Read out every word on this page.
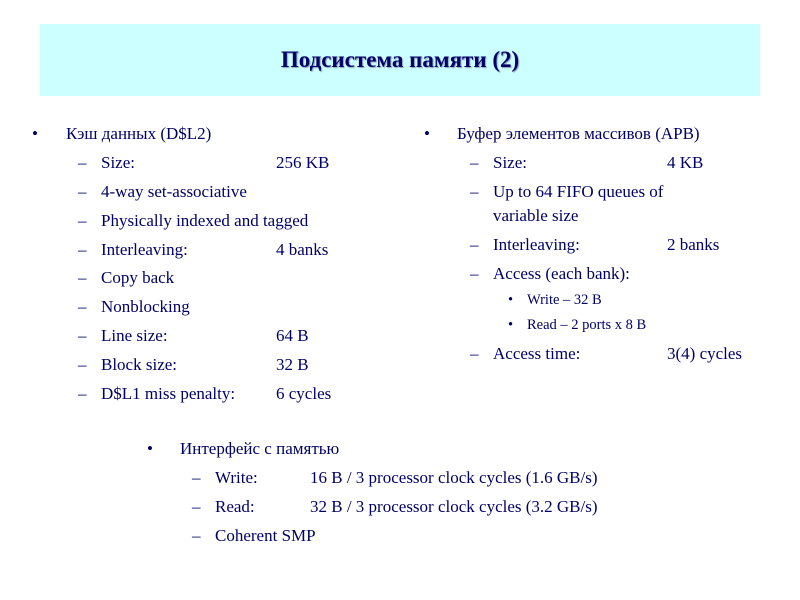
Подсистема памяти (2)
• Кэш данных (D$L2)
– Size:	256 KB
– 4-way set-associative
– Physically indexed and tagged
– Interleaving:	4 banks
– Copy back
– Nonblocking
– Line size:	64 B
– Block size:	32 B
– D$L1 miss penalty: 6 cycles
• Буфер элементов массивов (APB)
– Size:	4 KB
– Up to 64 FIFO queues of
variable size
– Interleaving:	2 banks
– Access (each bank):
• Write – 32 B
• Read – 2 ports x 8 B
– Access time:	3(4) cycles
• Интерфейс с памятью
– Write:	16 B / 3 processor clock cycles (1.6 GB/s)
– Read:	32 B / 3 processor clock cycles (3.2 GB/s)
– Coherent SMP
